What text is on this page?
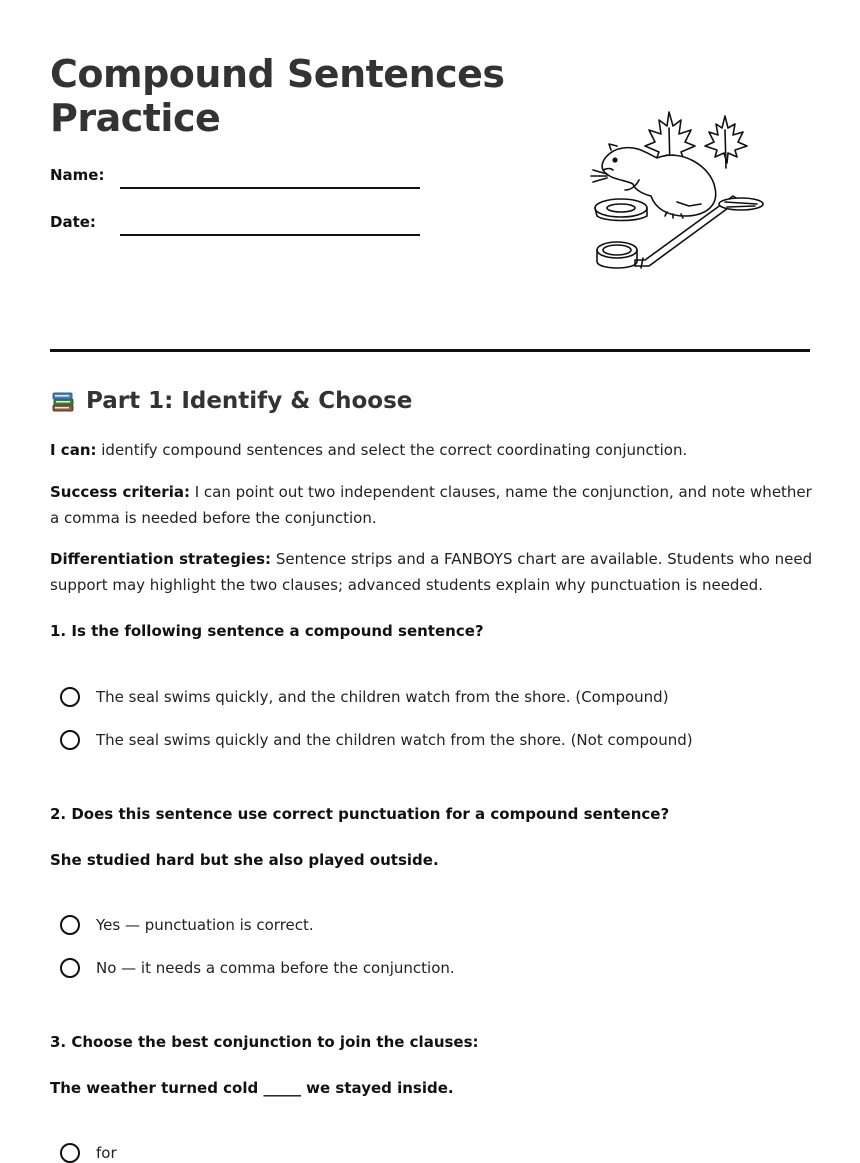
Compound Sentences
Practice
Name:
Date:
Part 1: Identify & Choose

I can: identify compound sentences and select the correct coordinating conjunction.

Success criteria: I can point out two independent clauses, name the conjunction, and note whether a comma is needed before the conjunction.

Differentiation strategies: Sentence strips and a FANBOYS chart are available. Students who need support may highlight the two clauses; advanced students explain why punctuation is needed.

1. Is the following sentence a compound sentence?

The seal swims quickly, and the children watch from the shore. (Compound)
The seal swims quickly and the children watch from the shore. (Not compound)

2. Does this sentence use correct punctuation for a compound sentence?

She studied hard but she also played outside.

Yes — punctuation is correct.
No — it needs a comma before the conjunction.

3. Choose the best conjunction to join the clauses:

The weather turned cold _____ we stayed inside.

for
